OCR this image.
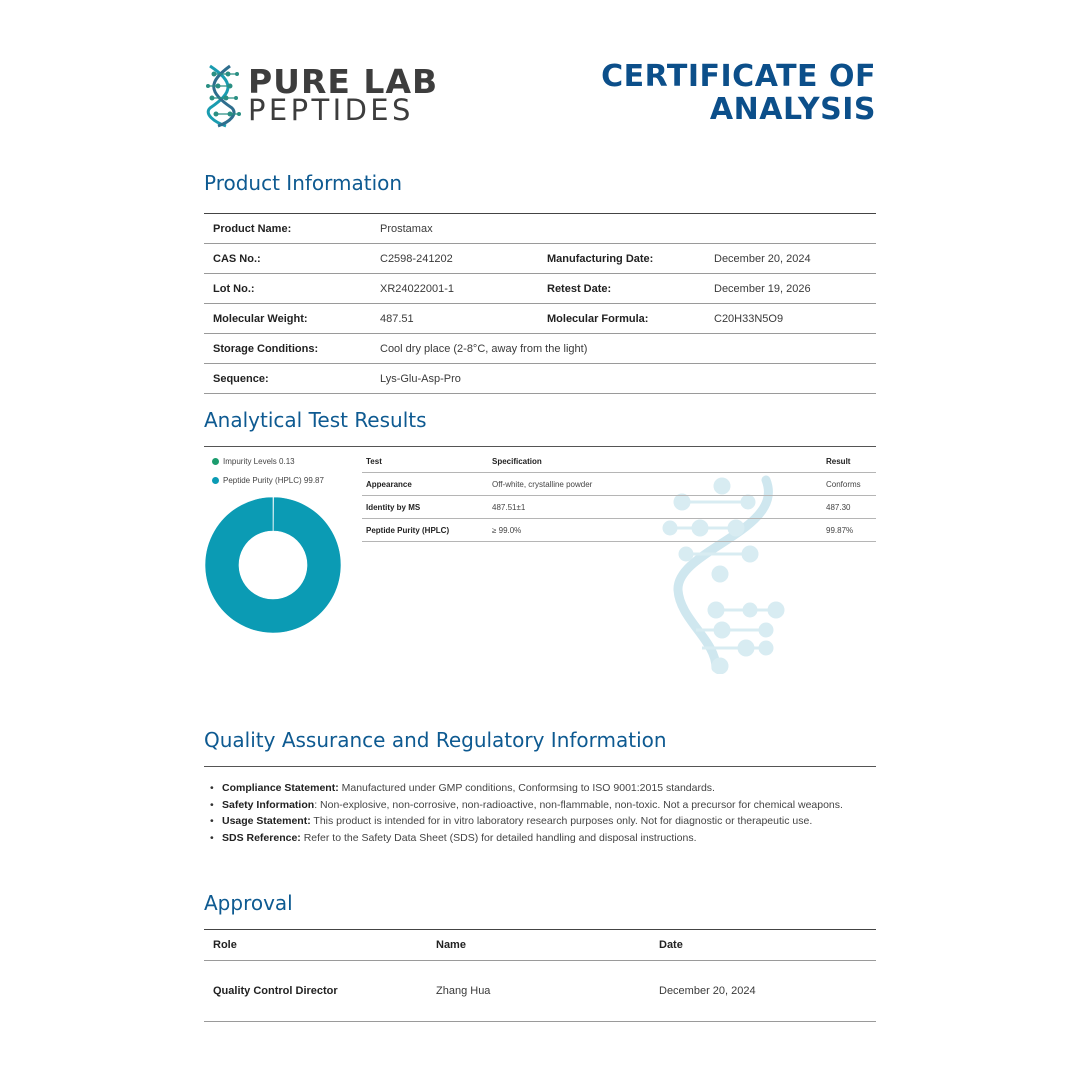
PURE LAB
PEPTIDES
CERTIFICATE OF
ANALYSIS
Product Information
Product Name:	Prostamax		
CAS No.:	C2598-241202	Manufacturing Date:	December 20, 2024
Lot No.:	XR24022001-1	Retest Date:	December 19, 2026
Molecular Weight:	487.51	Molecular Formula:	C20H33N5O9
Storage Conditions:	Cool dry place (2-8°C, away from the light)		
Sequence:	Lys-Glu-Asp-Pro		
Analytical Test Results
Impurity Levels 0.13
Peptide Purity (HPLC) 99.87
Test	Specification	Result
Appearance	Off-white, crystalline powder	Conforms
Identity by MS	487.51±1	487.30
Peptide Purity (HPLC)	≥ 99.0%	99.87%
Quality Assurance and Regulatory Information
• Compliance Statement: Manufactured under GMP conditions, Conformsing to ISO 9001:2015 standards.
• Safety Information: Non-explosive, non-corrosive, non-radioactive, non-flammable, non-toxic. Not a precursor for chemical weapons.
• Usage Statement: This product is intended for in vitro laboratory research purposes only. Not for diagnostic or therapeutic use.
• SDS Reference: Refer to the Safety Data Sheet (SDS) for detailed handling and disposal instructions.
Approval
Role	Name	Date
Quality Control Director	Zhang Hua	December 20, 2024
